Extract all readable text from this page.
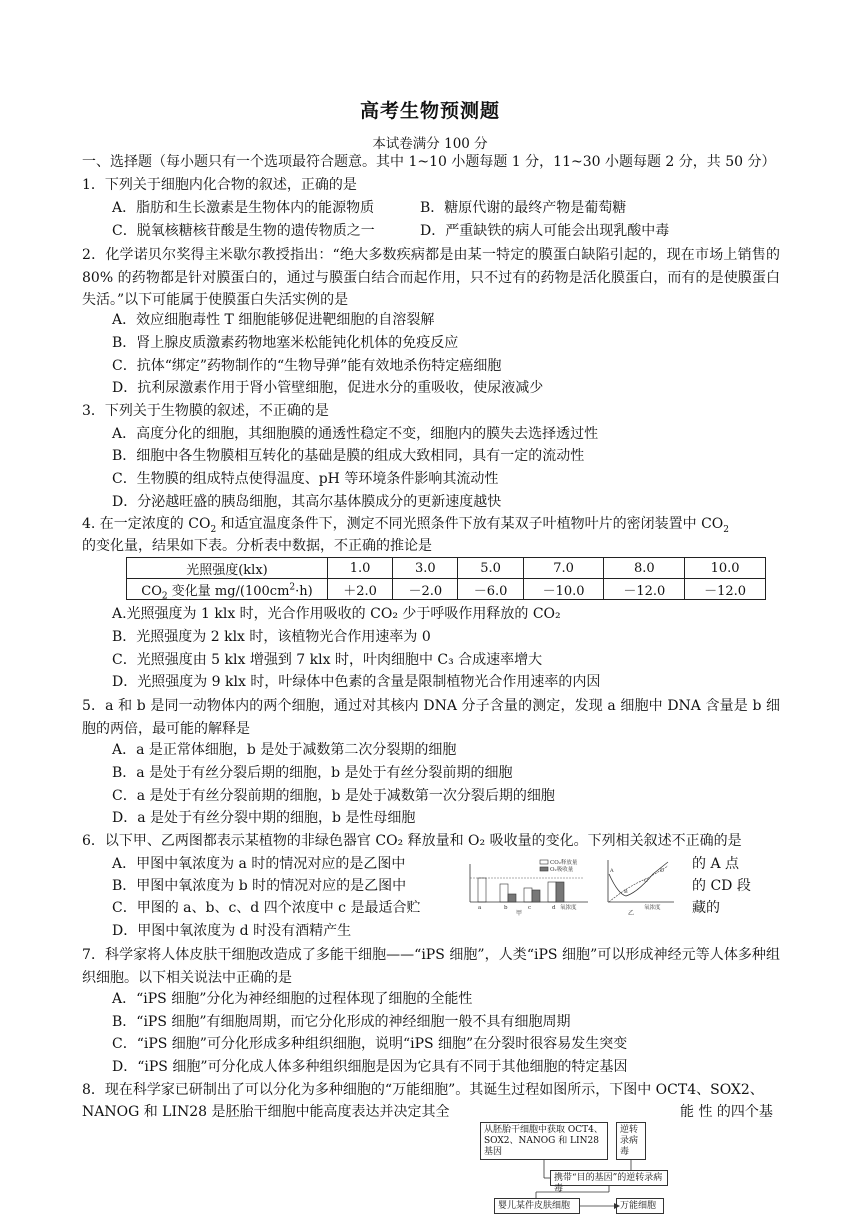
高考生物预测题
本试卷满分 100 分
一、选择题（每小题只有一个选项最符合题意。其中 1~10 小题每题 1 分，11~30 小题每题 2 分，共 50 分）
1．下列关于细胞内化合物的叙述，正确的是
A．脂肪和生长激素是生物体内的能源物质	B．糖原代谢的最终产物是葡萄糖
C．脱氧核糖核苷酸是生物的遗传物质之一	D．严重缺铁的病人可能会出现乳酸中毒
2．化学诺贝尔奖得主米歇尔教授指出：“绝大多数疾病都是由某一特定的膜蛋白缺陷引起的，现在市场上销售的 80% 的药物都是针对膜蛋白的，通过与膜蛋白结合而起作用，只不过有的药物是活化膜蛋白，而有的是使膜蛋白失活。”以下可能属于使膜蛋白失活实例的是
A．效应细胞毒性 T 细胞能够促进靶细胞的自溶裂解
B．肾上腺皮质激素药物地塞米松能钝化机体的免疫反应
C．抗体“绑定”药物制作的“生物导弹”能有效地杀伤特定癌细胞
D．抗利尿激素作用于肾小管壁细胞，促进水分的重吸收，使尿液减少
3．下列关于生物膜的叙述，不正确的是
A．高度分化的细胞，其细胞膜的通透性稳定不变，细胞内的膜失去选择透过性
B．细胞中各生物膜相互转化的基础是膜的组成大致相同，具有一定的流动性
C．生物膜的组成特点使得温度、pH 等环境条件影响其流动性
D．分泌越旺盛的胰岛细胞，其高尔基体膜成分的更新速度越快
4. 在一定浓度的 $CO_2$ 和适宜温度条件下，测定不同光照条件下放有某双子叶植物叶片的密闭装置中 $CO_2$
的变化量，结果如下表。分析表中数据，不正确的推论是
光照强度(klx)	1.0	3.0	5.0	7.0	8.0	10.0
$CO_2$ 变化量 $mg/(100cm^2\cdot h)$	＋2.0	－2.0	－6.0	－10.0	－12.0	－12.0
A.光照强度为 1 klx 时，光合作用吸收的 CO₂ 少于呼吸作用释放的 CO₂
B．光照强度为 2 klx 时，该植物光合作用速率为 0
C．光照强度由 5 klx 增强到 7 klx 时，叶肉细胞中 C₃ 合成速率增大
D．光照强度为 9 klx 时，叶绿体中色素的含量是限制植物光合作用速率的内因
5．a 和 b 是同一动物体内的两个细胞，通过对其核内 DNA 分子含量的测定，发现 a 细胞中 DNA 含量是 b 细胞的两倍，最可能的解释是
A．a 是正常体细胞，b 是处于减数第二次分裂期的细胞
B．a 是处于有丝分裂后期的细胞，b 是处于有丝分裂前期的细胞
C．a 是处于有丝分裂前期的细胞，b 是处于减数第一次分裂后期的细胞
D．a 是处于有丝分裂中期的细胞，b 是性母细胞
6．以下甲、乙两图都表示某植物的非绿色器官 CO₂ 释放量和 O₂ 吸收量的变化。下列相关叙述不正确的是
A．甲图中氧浓度为 a 时的情况对应的是乙图中	的 A 点
B．甲图中氧浓度为 b 时的情况对应的是乙图中	的 CD 段
C．甲图的 a、b、c、d 四个浓度中 c 是最适合贮	藏的
D．甲图中氧浓度为 d 时没有酒精产生
CO₂释放量
O₂吸收量
a	b	c	d 氧浓度
甲
A
B
C
D
氧浓度
乙
7．科学家将人体皮肤干细胞改造成了多能干细胞——“iPS 细胞”，人类“iPS 细胞”可以形成神经元等人体多种组织细胞。以下相关说法中正确的是
A．“iPS 细胞”分化为神经细胞的过程体现了细胞的全能性
B．“iPS 细胞”有细胞周期，而它分化形成的神经细胞一般不具有细胞周期
C．“iPS 细胞”可分化形成多种组织细胞，说明“iPS 细胞”在分裂时很容易发生突变
D．“iPS 细胞”可分化成人体多种组织细胞是因为它具有不同于其他细胞的特定基因
8．现在科学家已研制出了可以分化为多种细胞的“万能细胞”。其诞生过程如图所示，下图中 OCT4、SOX2、
NANOG 和 LIN28 是胚胎干细胞中能高度表达并决定其全	能 性 的四个基
从胚胎干细胞中获取 OCT4、SOX2、NANOG 和 LIN28 基因
逆转录病毒
携带“目的基因”的逆转录病毒
婴儿某件皮肤细胞	万能细胞
